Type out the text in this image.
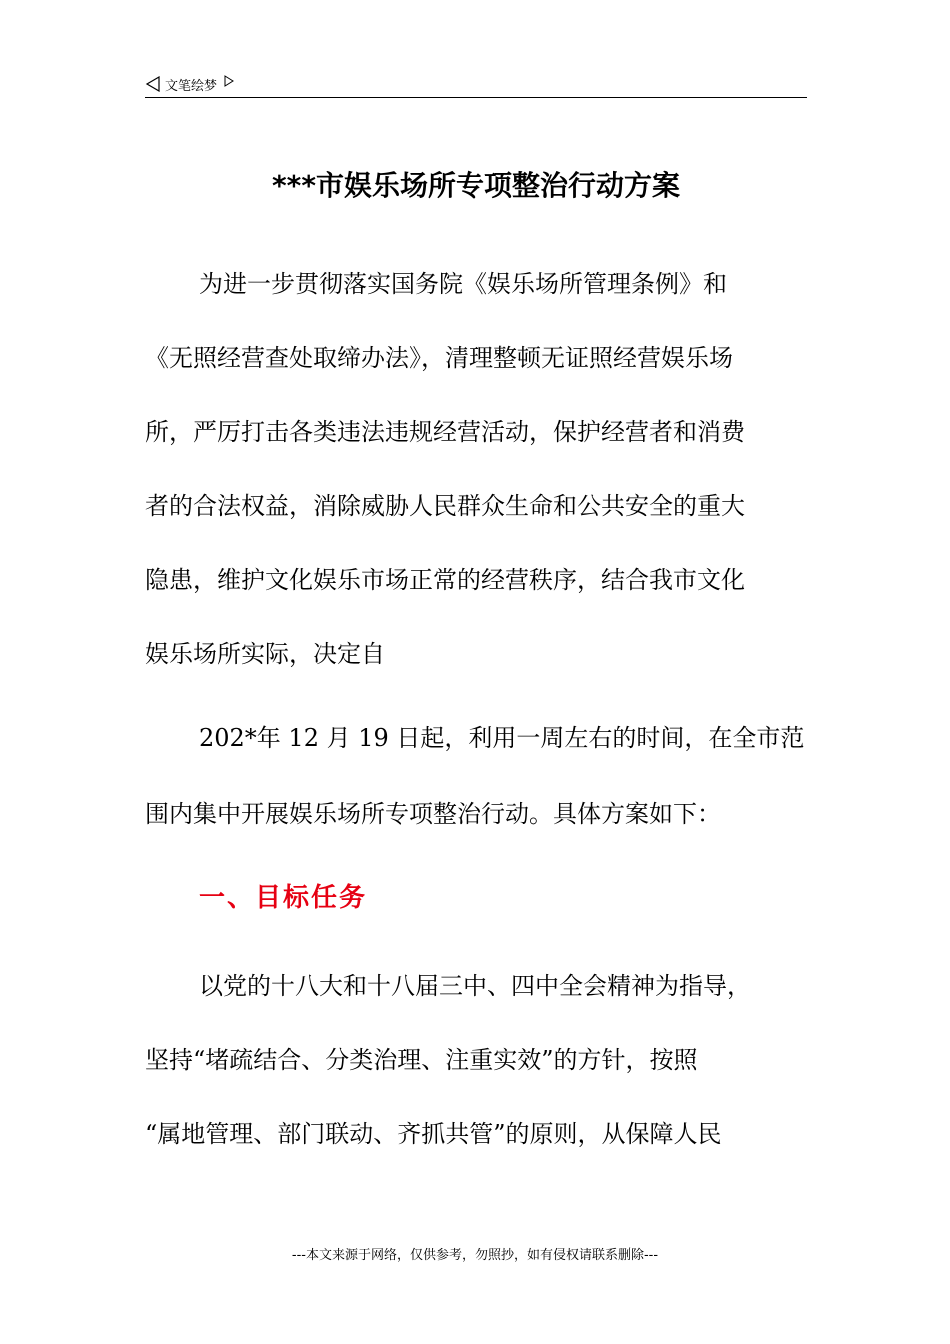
文笔绘梦
***市娱乐场所专项整治行动方案
为进一步贯彻落实国务院《娱乐场所管理条例》和
《无照经营查处取缔办法》，清理整顿无证照经营娱乐场
所，严厉打击各类违法违规经营活动，保护经营者和消费
者的合法权益，消除威胁人民群众生命和公共安全的重大
隐患，维护文化娱乐市场正常的经营秩序，结合我市文化
娱乐场所实际，决定自
202*年 12 月 19 日起，利用一周左右的时间，在全市范
围内集中开展娱乐场所专项整治行动。具体方案如下：
一、目标任务
以党的十八大和十八届三中、四中全会精神为指导，
坚持“堵疏结合、分类治理、注重实效”的方针，按照
“属地管理、部门联动、齐抓共管”的原则，从保障人民
---本文来源于网络，仅供参考，勿照抄，如有侵权请联系删除---
